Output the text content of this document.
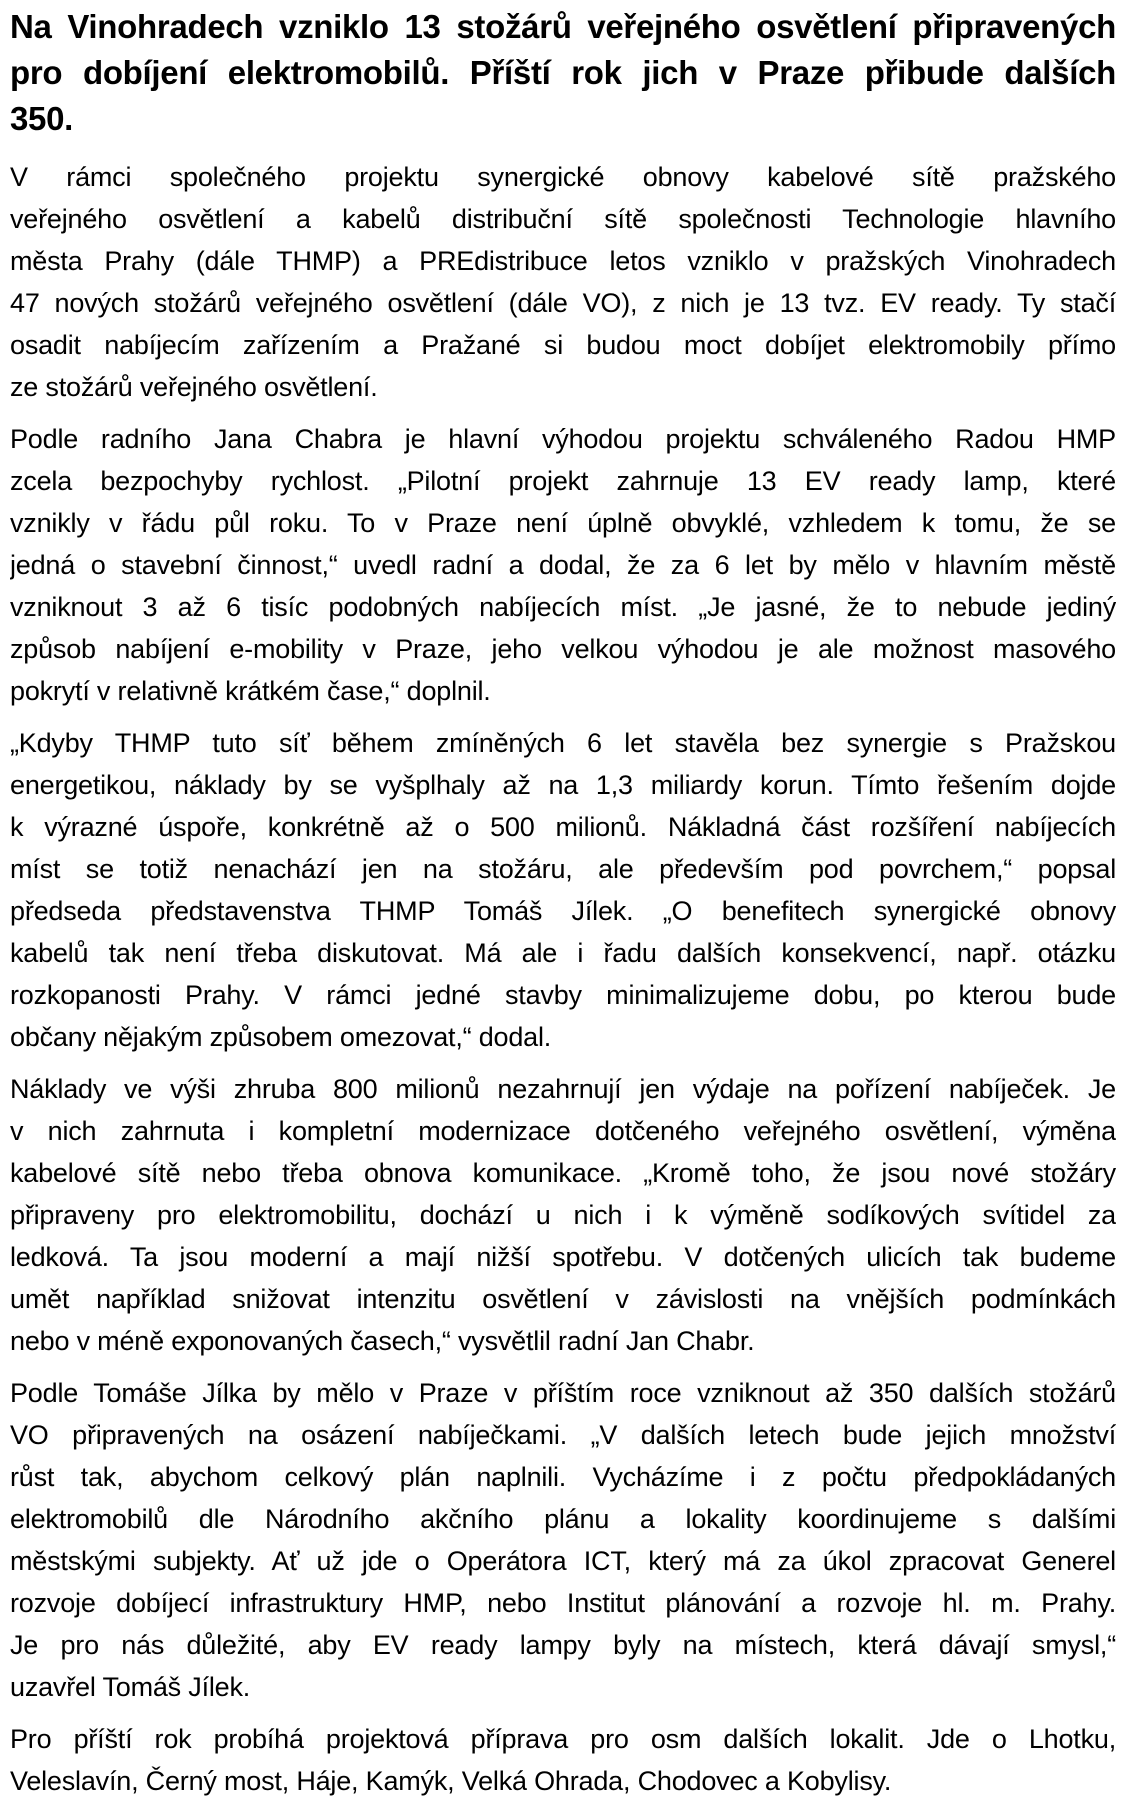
Na Vinohradech vzniklo 13 stožárů veřejného osvětlení připravených
pro dobíjení elektromobilů. Příští rok jich v Praze přibude dalších
350.

V rámci společného projektu synergické obnovy kabelové sítě pražského
veřejného osvětlení a kabelů distribuční sítě společnosti Technologie hlavního
města Prahy (dále THMP) a PREdistribuce letos vzniklo v pražských Vinohradech
47 nových stožárů veřejného osvětlení (dále VO), z nich je 13 tvz. EV ready. Ty stačí
osadit nabíjecím zařízením a Pražané si budou moct dobíjet elektromobily přímo
ze stožárů veřejného osvětlení.

Podle radního Jana Chabra je hlavní výhodou projektu schváleného Radou HMP
zcela bezpochyby rychlost. „Pilotní projekt zahrnuje 13 EV ready lamp, které
vznikly v řádu půl roku. To v Praze není úplně obvyklé, vzhledem k tomu, že se
jedná o stavební činnost,“ uvedl radní a dodal, že za 6 let by mělo v hlavním městě
vzniknout 3 až 6 tisíc podobných nabíjecích míst. „Je jasné, že to nebude jediný
způsob nabíjení e-mobility v Praze, jeho velkou výhodou je ale možnost masového
pokrytí v relativně krátkém čase,“ doplnil.

„Kdyby THMP tuto síť během zmíněných 6 let stavěla bez synergie s Pražskou
energetikou, náklady by se vyšplhaly až na 1,3 miliardy korun. Tímto řešením dojde
k výrazné úspoře, konkrétně až o 500 milionů. Nákladná část rozšíření nabíjecích
míst se totiž nenachází jen na stožáru, ale především pod povrchem,“ popsal
předseda představenstva THMP Tomáš Jílek. „O benefitech synergické obnovy
kabelů tak není třeba diskutovat. Má ale i řadu dalších konsekvencí, např. otázku
rozkopanosti Prahy. V rámci jedné stavby minimalizujeme dobu, po kterou bude
občany nějakým způsobem omezovat,“ dodal.

Náklady ve výši zhruba 800 milionů nezahrnují jen výdaje na pořízení nabíječek. Je
v nich zahrnuta i kompletní modernizace dotčeného veřejného osvětlení, výměna
kabelové sítě nebo třeba obnova komunikace. „Kromě toho, že jsou nové stožáry
připraveny pro elektromobilitu, dochází u nich i k výměně sodíkových svítidel za
ledková. Ta jsou moderní a mají nižší spotřebu. V dotčených ulicích tak budeme
umět například snižovat intenzitu osvětlení v závislosti na vnějších podmínkách
nebo v méně exponovaných časech,“ vysvětlil radní Jan Chabr.

Podle Tomáše Jílka by mělo v Praze v příštím roce vzniknout až 350 dalších stožárů
VO připravených na osázení nabíječkami. „V dalších letech bude jejich množství
růst tak, abychom celkový plán naplnili. Vycházíme i z počtu předpokládaných
elektromobilů dle Národního akčního plánu a lokality koordinujeme s dalšími
městskými subjekty. Ať už jde o Operátora ICT, který má za úkol zpracovat Generel
rozvoje dobíjecí infrastruktury HMP, nebo Institut plánování a rozvoje hl. m. Prahy.
Je pro nás důležité, aby EV ready lampy byly na místech, která dávají smysl,“
uzavřel Tomáš Jílek.

Pro příští rok probíhá projektová příprava pro osm dalších lokalit. Jde o Lhotku,
Veleslavín, Černý most, Háje, Kamýk, Velká Ohrada, Chodovec a Kobylisy.
